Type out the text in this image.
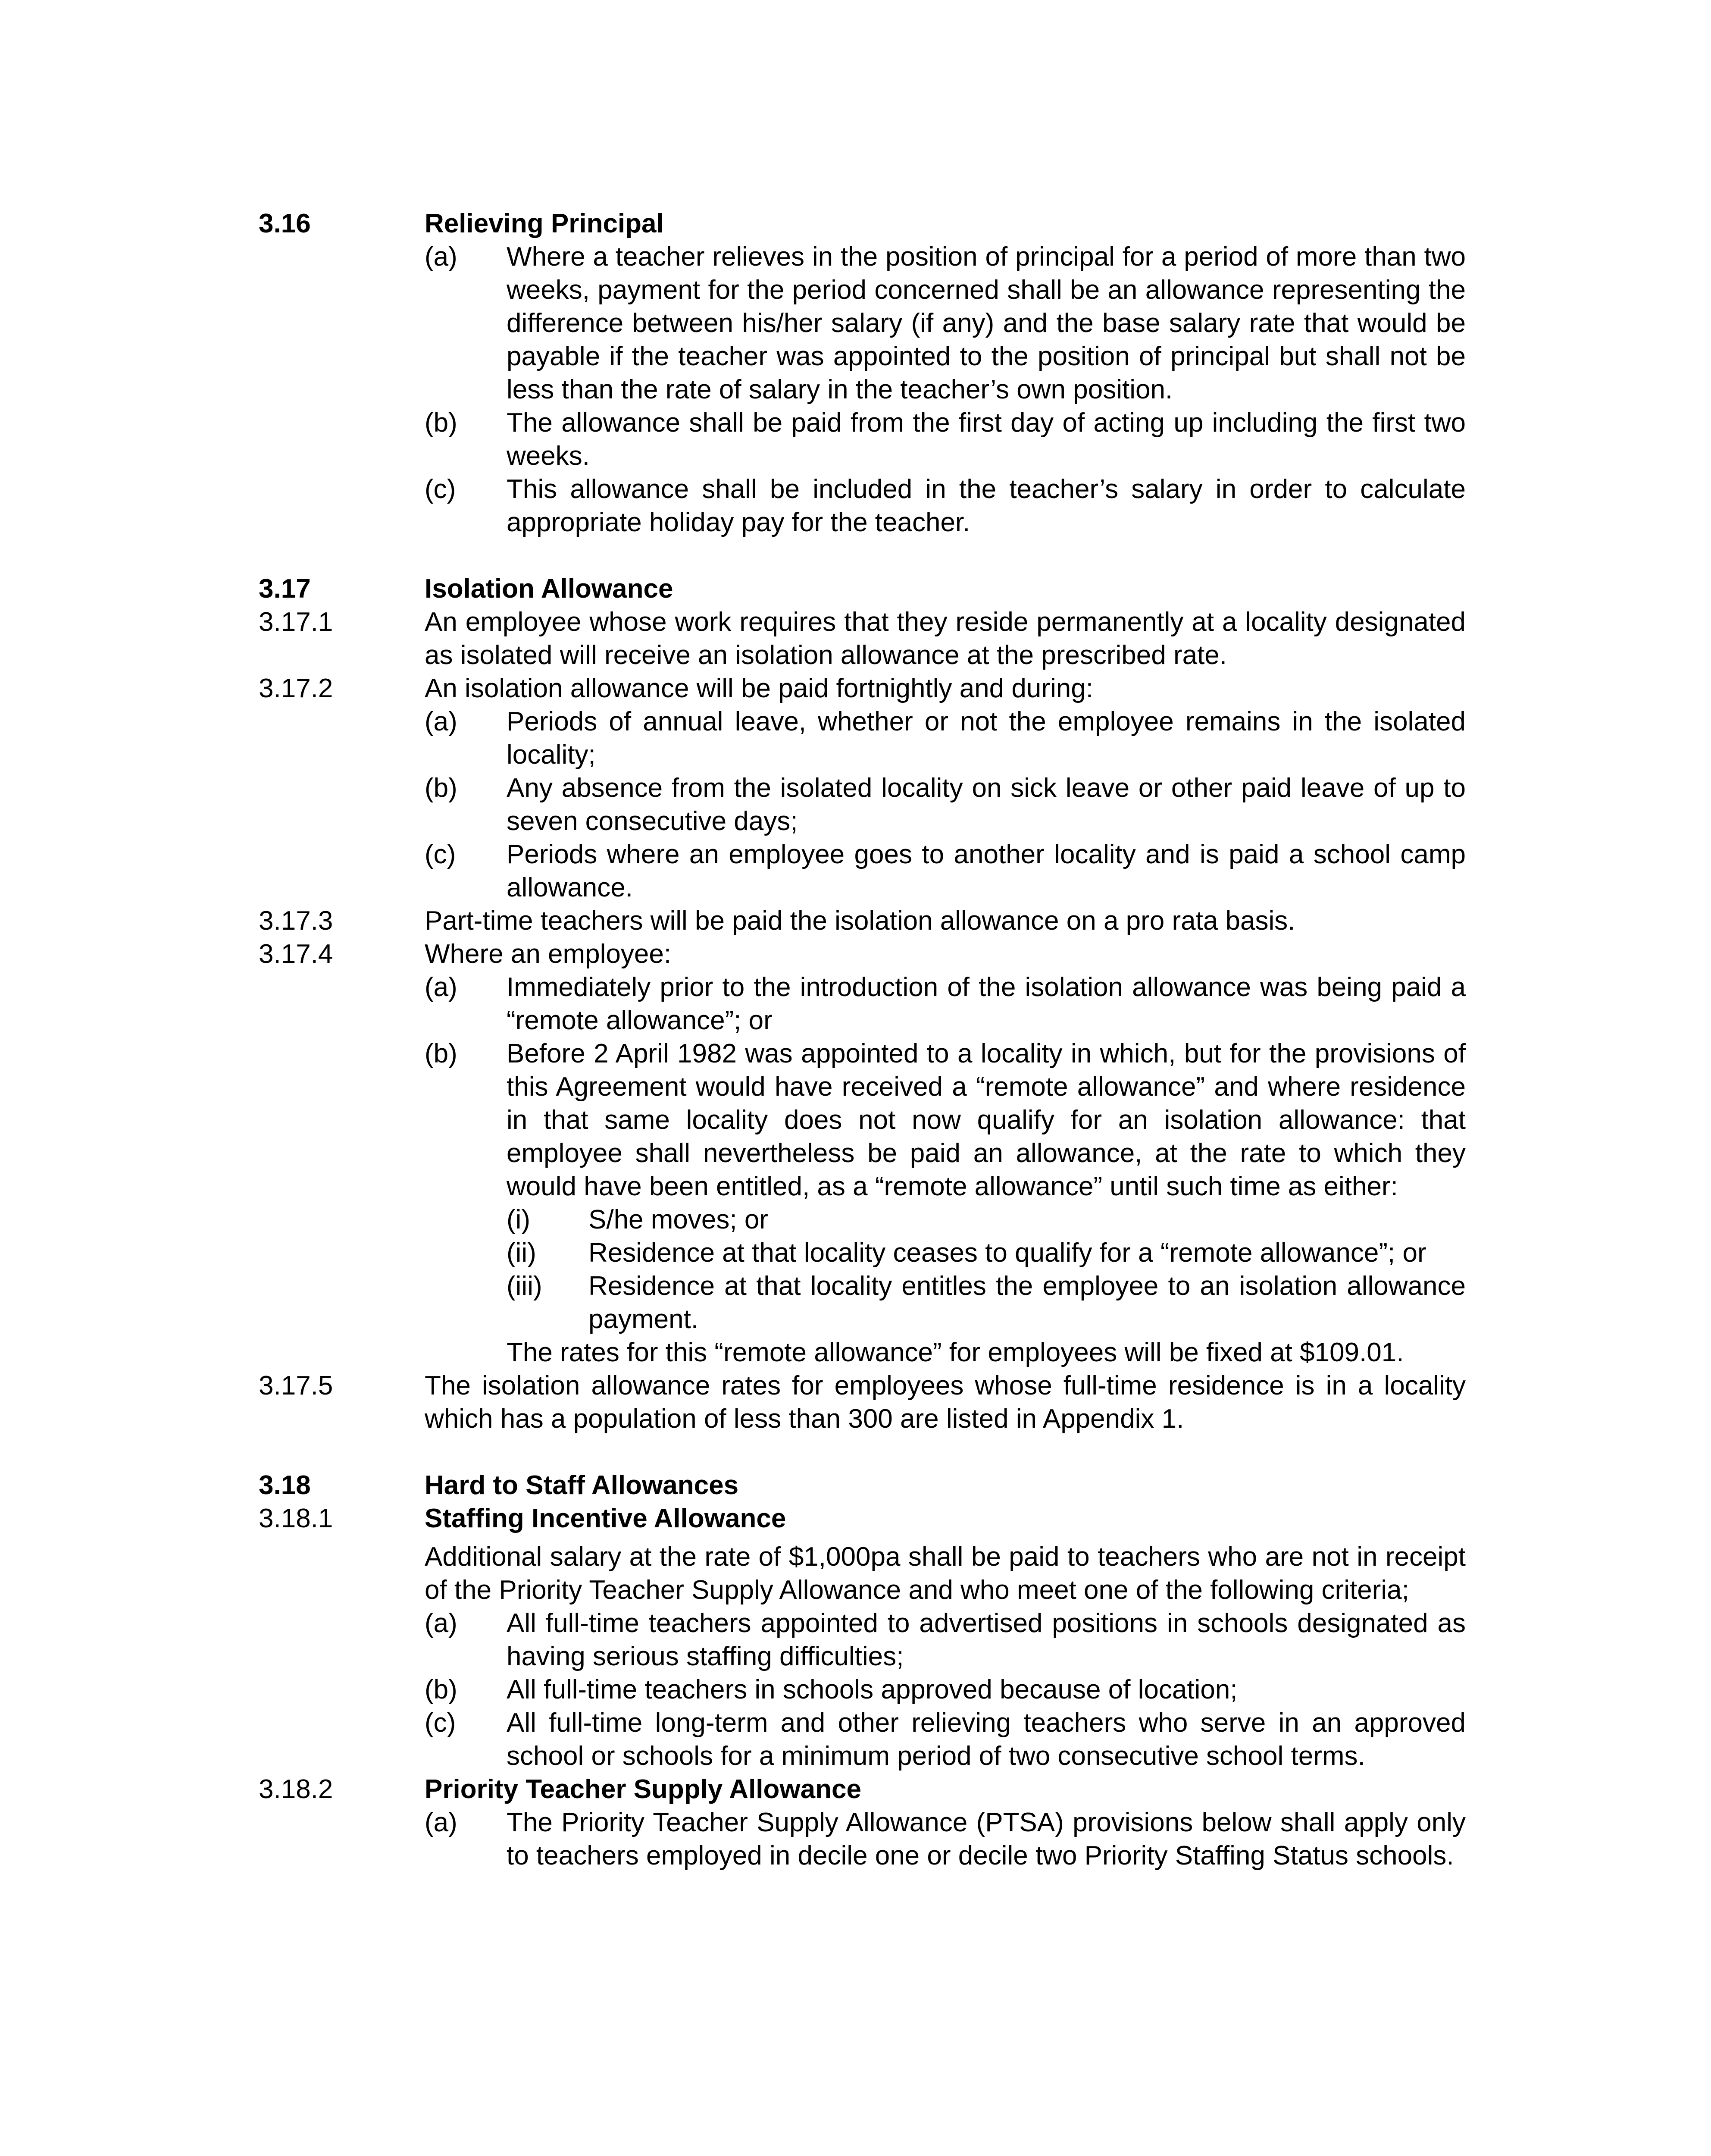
3.16	Relieving Principal
(a) Where a teacher relieves in the position of principal for a period of more than two weeks, payment for the period concerned shall be an allowance representing the difference between his/her salary (if any) and the base salary rate that would be payable if the teacher was appointed to the position of principal but shall not be less than the rate of salary in the teacher’s own position.
(b) The allowance shall be paid from the first day of acting up including the first two weeks.
(c) This allowance shall be included in the teacher’s salary in order to calculate appropriate holiday pay for the teacher.
3.17	Isolation Allowance
3.17.1	An employee whose work requires that they reside permanently at a locality designated as isolated will receive an isolation allowance at the prescribed rate.
3.17.2	An isolation allowance will be paid fortnightly and during:
(a) Periods of annual leave, whether or not the employee remains in the isolated locality;
(b) Any absence from the isolated locality on sick leave or other paid leave of up to seven consecutive days;
(c) Periods where an employee goes to another locality and is paid a school camp allowance.
3.17.3	Part-time teachers will be paid the isolation allowance on a pro rata basis.
3.17.4	Where an employee:
(a) Immediately prior to the introduction of the isolation allowance was being paid a “remote allowance”; or
(b) Before 2 April 1982 was appointed to a locality in which, but for the provisions of this Agreement would have received a “remote allowance” and where residence in that same locality does not now qualify for an isolation allowance: that employee shall nevertheless be paid an allowance, at the rate to which they would have been entitled, as a “remote allowance” until such time as either:
(i) S/he moves; or
(ii) Residence at that locality ceases to qualify for a “remote allowance”; or
(iii) Residence at that locality entitles the employee to an isolation allowance payment.
The rates for this “remote allowance” for employees will be fixed at $109.01.
3.17.5	The isolation allowance rates for employees whose full-time residence is in a locality which has a population of less than 300 are listed in Appendix 1.
3.18	Hard to Staff Allowances
3.18.1	Staffing Incentive Allowance
Additional salary at the rate of $1,000pa shall be paid to teachers who are not in receipt of the Priority Teacher Supply Allowance and who meet one of the following criteria;
(a) All full-time teachers appointed to advertised positions in schools designated as having serious staffing difficulties;
(b) All full-time teachers in schools approved because of location;
(c) All full-time long-term and other relieving teachers who serve in an approved school or schools for a minimum period of two consecutive school terms.
3.18.2	Priority Teacher Supply Allowance
(a) The Priority Teacher Supply Allowance (PTSA) provisions below shall apply only to teachers employed in decile one or decile two Priority Staffing Status schools.
